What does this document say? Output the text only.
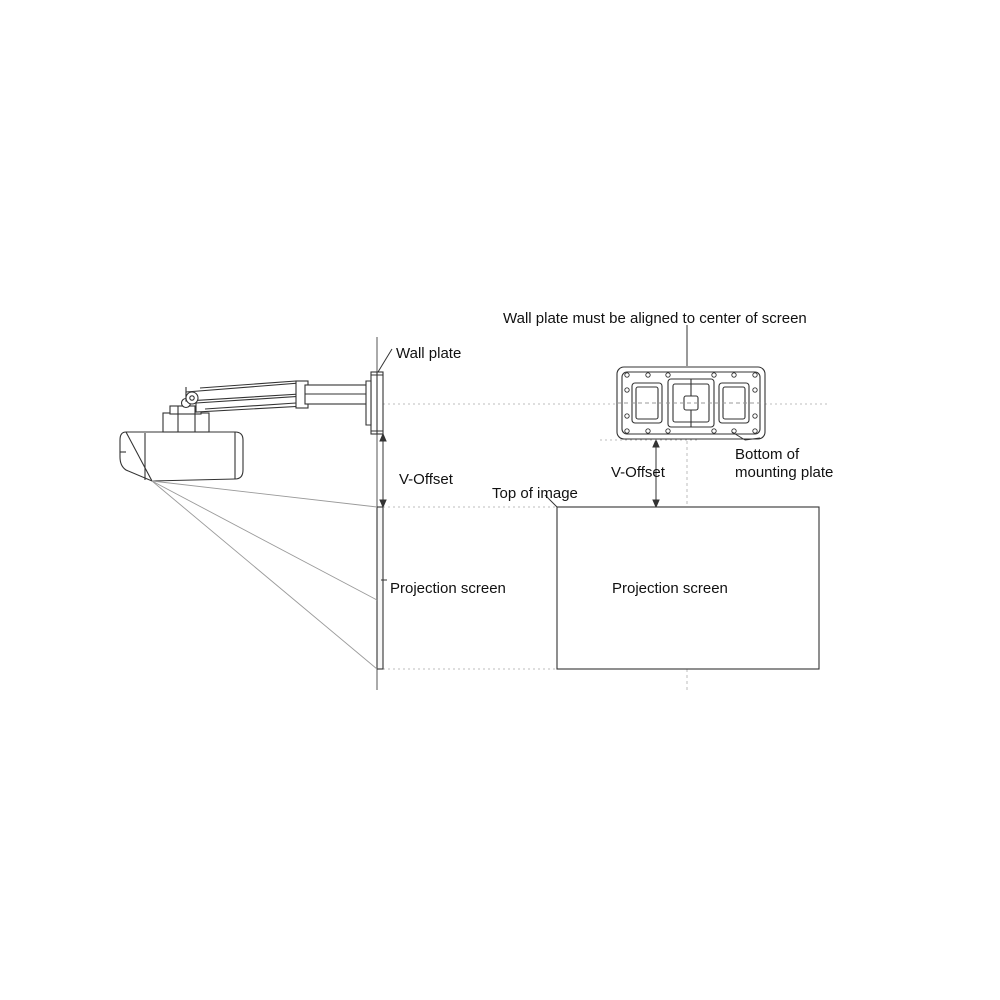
Wall plate
Wall plate must be aligned to center of screen
V-Offset	V-Offset
Bottom of
mounting plate
Top of image
Projection screen	Projection screen
